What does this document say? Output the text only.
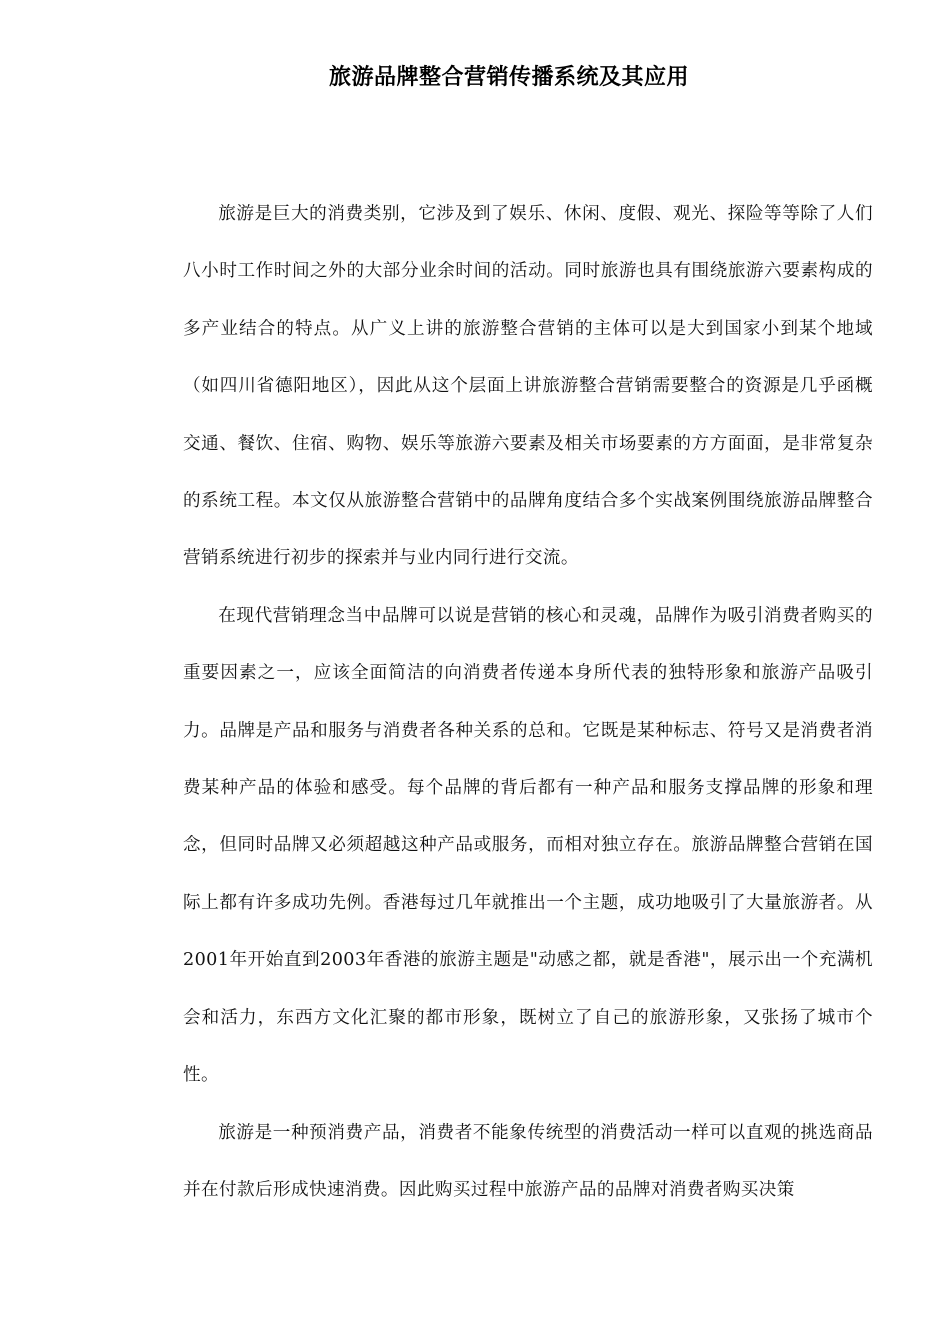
旅游品牌整合营销传播系统及其应用

旅游是巨大的消费类别，它涉及到了娱乐、休闲、度假、观光、探险等等除了人们八小时工作时间之外的大部分业余时间的活动。同时旅游也具有围绕旅游六要素构成的多产业结合的特点。从广义上讲的旅游整合营销的主体可以是大到国家小到某个地域（如四川省德阳地区），因此从这个层面上讲旅游整合营销需要整合的资源是几乎函概交通、餐饮、住宿、购物、娱乐等旅游六要素及相关市场要素的方方面面，是非常复杂的系统工程。本文仅从旅游整合营销中的品牌角度结合多个实战案例围绕旅游品牌整合营销系统进行初步的探索并与业内同行进行交流。

在现代营销理念当中品牌可以说是营销的核心和灵魂，品牌作为吸引消费者购买的重要因素之一，应该全面简洁的向消费者传递本身所代表的独特形象和旅游产品吸引力。品牌是产品和服务与消费者各种关系的总和。它既是某种标志、符号又是消费者消费某种产品的体验和感受。每个品牌的背后都有一种产品和服务支撑品牌的形象和理念，但同时品牌又必须超越这种产品或服务，而相对独立存在。旅游品牌整合营销在国际上都有许多成功先例。香港每过几年就推出一个主题，成功地吸引了大量旅游者。从2001年开始直到2003年香港的旅游主题是"动感之都，就是香港"，展示出一个充满机会和活力，东西方文化汇聚的都市形象，既树立了自己的旅游形象，又张扬了城市个性。

旅游是一种预消费产品，消费者不能象传统型的消费活动一样可以直观的挑选商品并在付款后形成快速消费。因此购买过程中旅游产品的品牌对消费者购买决策
